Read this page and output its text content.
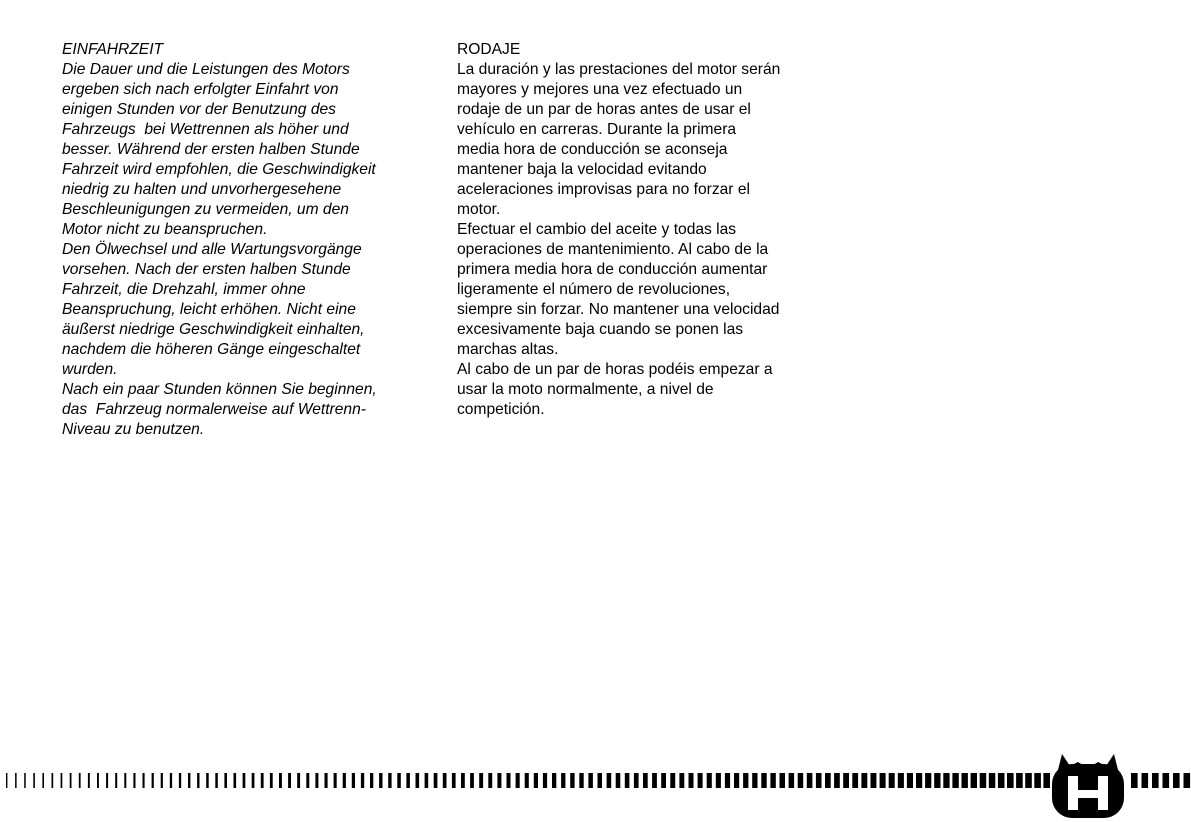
EINFAHRZEIT
Die Dauer und die Leistungen des Motors
ergeben sich nach erfolgter Einfahrt von
einigen Stunden vor der Benutzung des
Fahrzeugs  bei Wettrennen als höher und
besser. Während der ersten halben Stunde
Fahrzeit wird empfohlen, die Geschwindigkeit
niedrig zu halten und unvorhergesehene
Beschleunigungen zu vermeiden, um den
Motor nicht zu beanspruchen.
Den Ölwechsel und alle Wartungsvorgänge
vorsehen. Nach der ersten halben Stunde
Fahrzeit, die Drehzahl, immer ohne
Beanspruchung, leicht erhöhen. Nicht eine
äußerst niedrige Geschwindigkeit einhalten,
nachdem die höheren Gänge eingeschaltet
wurden.
Nach ein paar Stunden können Sie beginnen,
das  Fahrzeug normalerweise auf Wettrenn-
Niveau zu benutzen.
RODAJE
La duración y las prestaciones del motor serán
mayores y mejores una vez efectuado un
rodaje de un par de horas antes de usar el
vehículo en carreras. Durante la primera
media hora de conducción se aconseja
mantener baja la velocidad evitando
aceleraciones improvisas para no forzar el
motor.
Efectuar el cambio del aceite y todas las
operaciones de mantenimiento. Al cabo de la
primera media hora de conducción aumentar
ligeramente el número de revoluciones,
siempre sin forzar. No mantener una velocidad
excesivamente baja cuando se ponen las
marchas altas.
Al cabo de un par de horas podéis empezar a
usar la moto normalmente, a nivel de
competición.
